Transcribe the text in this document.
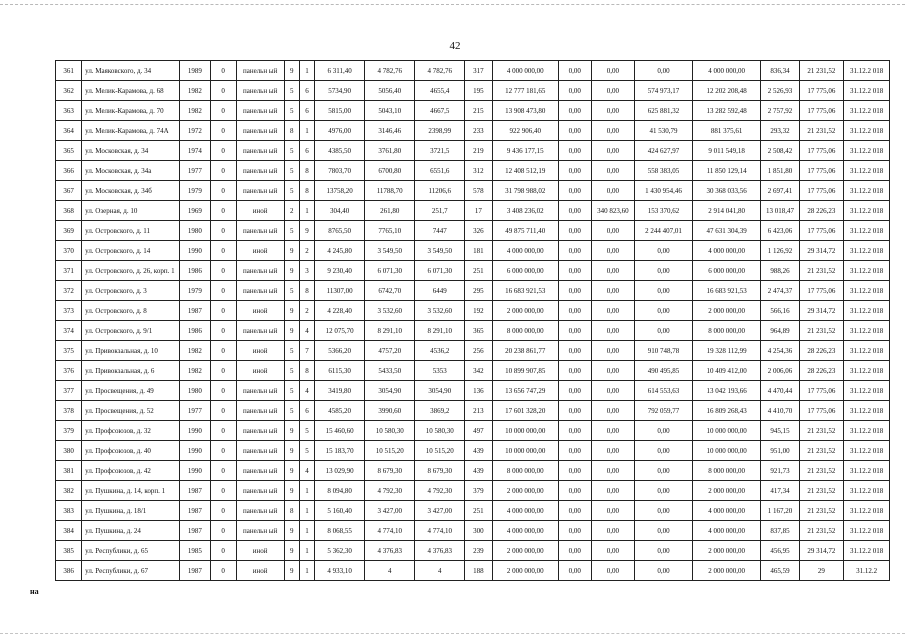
42
361	ул. Маяковского, д. 34	1989	0	панельн ый	9	1	6 311,40	4 782,76	4 782,76	317	4 000 000,00	0,00	0,00	0,00	4 000 000,00	836,34	21 231,52	31.12.2 018
362	ул. Мелик-Карамова, д. 68	1982	0	панельн ый	5	6	5734,90	5056,40	4655,4	195	12 777 181,65	0,00	0,00	574 973,17	12 202 208,48	2 526,93	17 775,06	31.12.2 018
363	ул. Мелик-Карамова, д. 70	1982	0	панельн ый	5	6	5815,00	5043,10	4667,5	215	13 908 473,80	0,00	0,00	625 881,32	13 282 592,48	2 757,92	17 775,06	31.12.2 018
364	ул. Мелик-Карамова, д. 74А	1972	0	панельн ый	8	1	4976,00	3146,46	2398,99	233	922 906,40	0,00	0,00	41 530,79	881 375,61	293,32	21 231,52	31.12.2 018
365	ул. Московская, д. 34	1974	0	панельн ый	5	6	4385,50	3761,80	3721,5	219	9 436 177,15	0,00	0,00	424 627,97	9 011 549,18	2 508,42	17 775,06	31.12.2 018
366	ул. Московская, д. 34а	1977	0	панельн ый	5	8	7803,70	6700,80	6551,6	312	12 408 512,19	0,00	0,00	558 383,05	11 850 129,14	1 851,80	17 775,06	31.12.2 018
367	ул. Московская, д. 34б	1979	0	панельн ый	5	8	13758,20	11788,70	11206,6	578	31 798 988,02	0,00	0,00	1 430 954,46	30 368 033,56	2 697,41	17 775,06	31.12.2 018
368	ул. Озерная, д. 10	1969	0	иной	2	1	304,40	261,80	251,7	17	3 408 236,02	0,00	340 823,60	153 370,62	2 914 041,80	13 018,47	28 226,23	31.12.2 018
369	ул. Островского, д. 11	1980	0	панельн ый	5	9	8765,50	7765,10	7447	326	49 875 711,40	0,00	0,00	2 244 407,01	47 631 304,39	6 423,06	17 775,06	31.12.2 018
370	ул. Островского, д. 14	1990	0	иной	9	2	4 245,80	3 549,50	3 549,50	181	4 000 000,00	0,00	0,00	0,00	4 000 000,00	1 126,92	29 314,72	31.12.2 018
371	ул. Островского, д. 26, корп. 1	1986	0	панельн ый	9	3	9 230,40	6 071,30	6 071,30	251	6 000 000,00	0,00	0,00	0,00	6 000 000,00	988,26	21 231,52	31.12.2 018
372	ул. Островского, д. 3	1979	0	панельн ый	5	8	11307,00	6742,70	6449	295	16 683 921,53	0,00	0,00	0,00	16 683 921,53	2 474,37	17 775,06	31.12.2 018
373	ул. Островского, д. 8	1987	0	иной	9	2	4 228,40	3 532,60	3 532,60	192	2 000 000,00	0,00	0,00	0,00	2 000 000,00	566,16	29 314,72	31.12.2 018
374	ул. Островского, д. 9/1	1986	0	панельн ый	9	4	12 075,70	8 291,10	8 291,10	365	8 000 000,00	0,00	0,00	0,00	8 000 000,00	964,89	21 231,52	31.12.2 018
375	ул. Привокзальная, д. 10	1982	0	иной	5	7	5366,20	4757,20	4536,2	256	20 238 861,77	0,00	0,00	910 748,78	19 328 112,99	4 254,36	28 226,23	31.12.2 018
376	ул. Привокзальная, д. 6	1982	0	иной	5	8	6115,30	5433,50	5353	342	10 899 907,85	0,00	0,00	490 495,85	10 409 412,00	2 006,06	28 226,23	31.12.2 018
377	ул. Просвещения, д. 49	1980	0	панельн ый	5	4	3419,80	3054,90	3054,90	136	13 656 747,29	0,00	0,00	614 553,63	13 042 193,66	4 470,44	17 775,06	31.12.2 018
378	ул. Просвещения, д. 52	1977	0	панельн ый	5	6	4585,20	3990,60	3869,2	213	17 601 328,20	0,00	0,00	792 059,77	16 809 268,43	4 410,70	17 775,06	31.12.2 018
379	ул. Профсоюзов, д. 32	1990	0	панельн ый	9	5	15 460,60	10 580,30	10 580,30	497	10 000 000,00	0,00	0,00	0,00	10 000 000,00	945,15	21 231,52	31.12.2 018
380	ул. Профсоюзов, д. 40	1990	0	панельн ый	9	5	15 183,70	10 515,20	10 515,20	439	10 000 000,00	0,00	0,00	0,00	10 000 000,00	951,00	21 231,52	31.12.2 018
381	ул. Профсоюзов, д. 42	1990	0	панельн ый	9	4	13 029,90	8 679,30	8 679,30	439	8 000 000,00	0,00	0,00	0,00	8 000 000,00	921,73	21 231,52	31.12.2 018
382	ул. Пушкина, д. 14, корп. 1	1987	0	панельн ый	9	1	8 094,80	4 792,30	4 792,30	379	2 000 000,00	0,00	0,00	0,00	2 000 000,00	417,34	21 231,52	31.12.2 018
383	ул. Пушкина, д. 18/1	1987	0	панельн ый	8	1	5 160,40	3 427,00	3 427,00	251	4 000 000,00	0,00	0,00	0,00	4 000 000,00	1 167,20	21 231,52	31.12.2 018
384	ул. Пушкина, д. 24	1987	0	панельн ый	9	1	8 068,55	4 774,10	4 774,10	300	4 000 000,00	0,00	0,00	0,00	4 000 000,00	837,85	21 231,52	31.12.2 018
385	ул. Республики, д. 65	1985	0	иной	9	1	5 362,30	4 376,83	4 376,83	239	2 000 000,00	0,00	0,00	0,00	2 000 000,00	456,95	29 314,72	31.12.2 018
386	ул. Республики, д. 67	1987	0	иной	9	1	4 933,10	4	4	188	2 000 000,00	0,00	0,00	0,00	2 000 000,00	465,59	29	31.12.2
на
